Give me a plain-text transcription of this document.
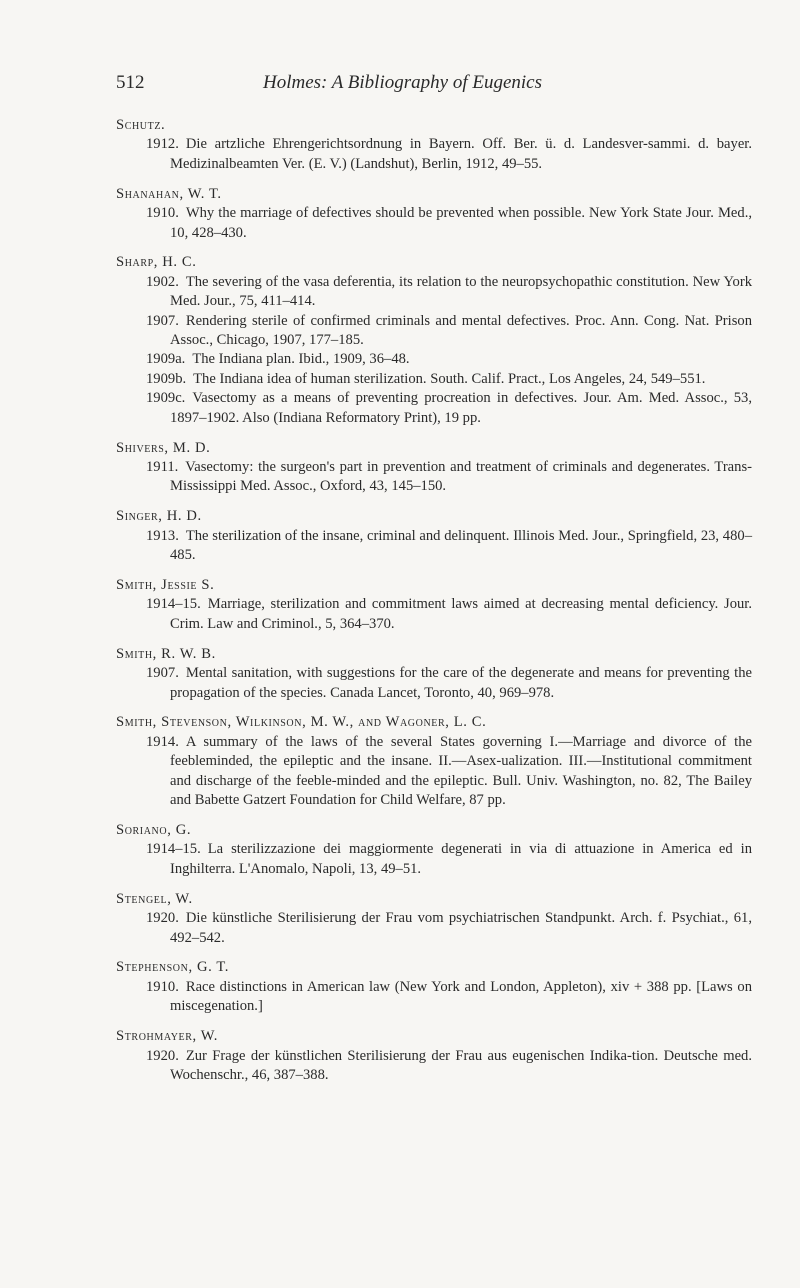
512	Holmes: A Bibliography of Eugenics
Schutz.
1912. Die artzliche Ehrengerichtsordnung in Bayern. Off. Ber. ü. d. Landesver-sammi. d. bayer. Medizinalbeamten Ver. (E. V.) (Landshut), Berlin, 1912, 49–55.
Shanahan, W. T.
1910. Why the marriage of defectives should be prevented when possible. New York State Jour. Med., 10, 428–430.
Sharp, H. C.
1902. The severing of the vasa deferentia, its relation to the neuropsychopathic constitution. New York Med. Jour., 75, 411–414.
1907. Rendering sterile of confirmed criminals and mental defectives. Proc. Ann. Cong. Nat. Prison Assoc., Chicago, 1907, 177–185.
1909a. The Indiana plan. Ibid., 1909, 36–48.
1909b. The Indiana idea of human sterilization. South. Calif. Pract., Los Angeles, 24, 549–551.
1909c. Vasectomy as a means of preventing procreation in defectives. Jour. Am. Med. Assoc., 53, 1897–1902. Also (Indiana Reformatory Print), 19 pp.
Shivers, M. D.
1911. Vasectomy: the surgeon's part in prevention and treatment of criminals and degenerates. Trans-Mississippi Med. Assoc., Oxford, 43, 145–150.
Singer, H. D.
1913. The sterilization of the insane, criminal and delinquent. Illinois Med. Jour., Springfield, 23, 480–485.
Smith, Jessie S.
1914–15. Marriage, sterilization and commitment laws aimed at decreasing mental deficiency. Jour. Crim. Law and Criminol., 5, 364–370.
Smith, R. W. B.
1907. Mental sanitation, with suggestions for the care of the degenerate and means for preventing the propagation of the species. Canada Lancet, Toronto, 40, 969–978.
Smith, Stevenson, Wilkinson, M. W., and Wagoner, L. C.
1914. A summary of the laws of the several States governing I.—Marriage and divorce of the feebleminded, the epileptic and the insane. II.—Asex-ualization. III.—Institutional commitment and discharge of the feeble-minded and the epileptic. Bull. Univ. Washington, no. 82, The Bailey and Babette Gatzert Foundation for Child Welfare, 87 pp.
Soriano, G.
1914–15. La sterilizzazione dei maggiormente degenerati in via di attuazione in America ed in Inghilterra. L'Anomalo, Napoli, 13, 49–51.
Stengel, W.
1920. Die künstliche Sterilisierung der Frau vom psychiatrischen Standpunkt. Arch. f. Psychiat., 61, 492–542.
Stephenson, G. T.
1910. Race distinctions in American law (New York and London, Appleton), xiv + 388 pp. [Laws on miscegenation.]
Strohmayer, W.
1920. Zur Frage der künstlichen Sterilisierung der Frau aus eugenischen Indika-tion. Deutsche med. Wochenschr., 46, 387–388.
